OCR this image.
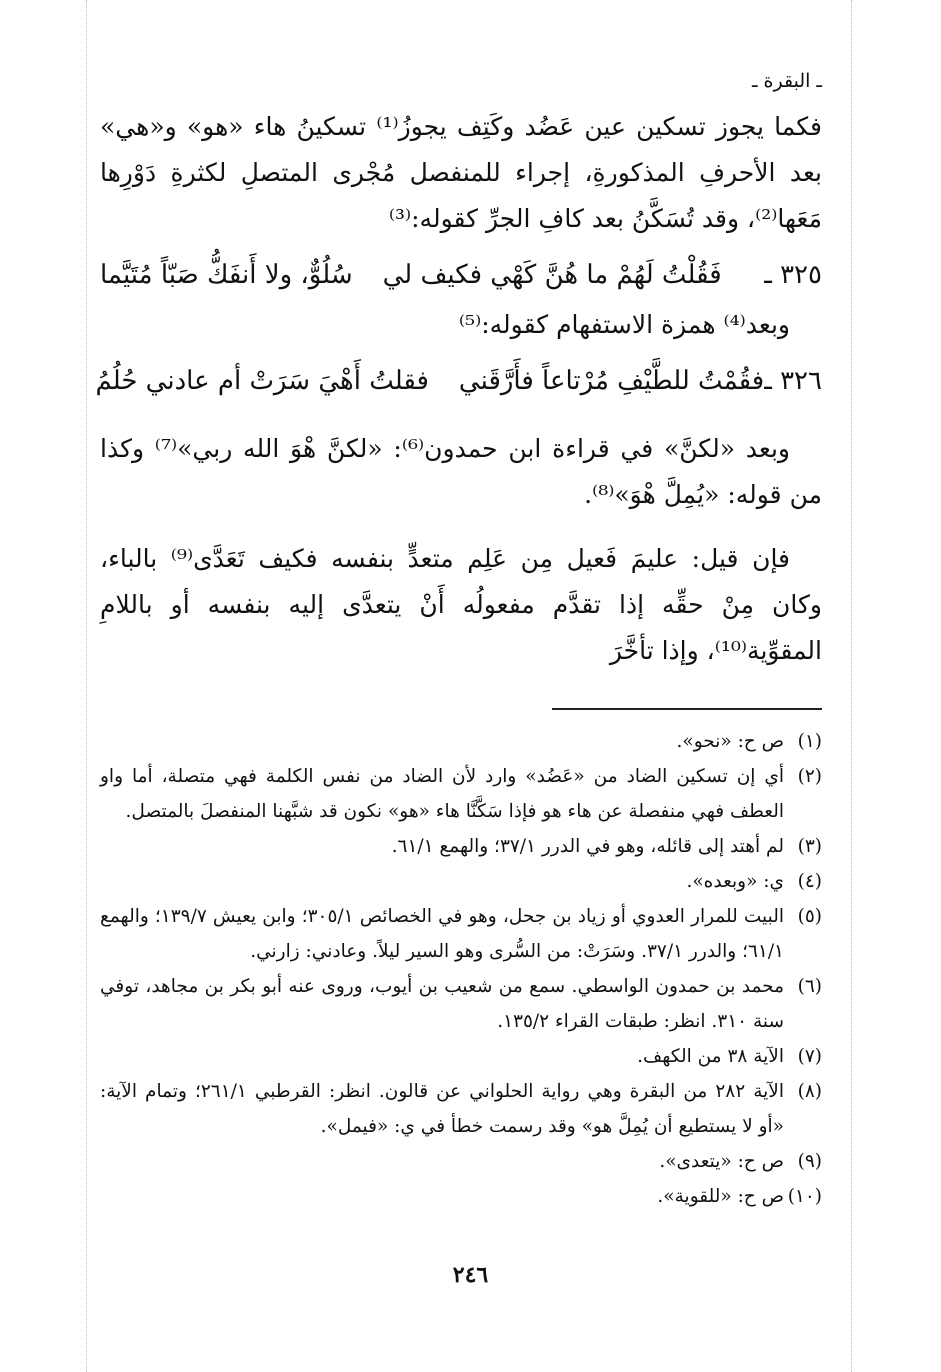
ـ البقرة ـ

فكما يجوز تسكين عين عَضُد وكَتِف يجوزُ⁽¹⁾ تسكينُ هاء «هو» و«هي» بعد الأحرفِ المذكورةِ، إجراء للمنفصل مُجْرى المتصلِ لكثرةِ دَوْرِها مَعَها⁽²⁾، وقد تُسَكَّنُ بعد كافِ الجرِّ كقوله:⁽³⁾

٣٢٥ ـ
فَقُلْتُ لَهُمْ ما هُنَّ كَهْي فكيف لي
سُلُوٌّ، ولا أَنفَكُّ صَبّاً مُتَيَّما

وبعد⁽⁴⁾ همزة الاستفهام كقوله:⁽⁵⁾

٣٢٦ ـ
فقُمْتُ للطَّيْفِ مُرْتاعاً فأَرَّقَني
فقلتُ أَهْيَ سَرَتْ أم عادني حُلُمُ

وبعد «لكنَّ» في قراءة ابن حمدون⁽⁶⁾: «لكنَّ هْوَ الله ربي»⁽⁷⁾ وكذا من قوله: «يُمِلَّ هْوَ»⁽⁸⁾.

فإن قيل: عليمَ فَعيل مِن عَلِم متعدٍّ بنفسه فكيف تَعَدَّى⁽⁹⁾ بالباء، وكان مِنْ حقِّه إذا تقدَّم مفعولُه أَنْ يتعدَّى إليه بنفسه أو باللامِ المقوِّية⁽¹⁰⁾، وإذا تأخَّرَ

(١)
ص ح: «نحو».
(٢)
أي إن تسكين الضاد من «عَضُد» وارد لأن الضاد من نفس الكلمة فهي متصلة، أما واو العطف فهي منفصلة عن هاء هو فإذا سَكَّنَّا هاء «هو» نكون قد شبَّهنا المنفصلَ بالمتصل.
(٣)
لم أهتد إلى قائله، وهو في الدرر ٣٧/١؛ والهمع ٦١/١.
(٤)
ي: «وبعده».
(٥)
البيت للمرار العدوي أو زياد بن جحل، وهو في الخصائص ٣٠٥/١؛ وابن يعيش ١٣٩/٧؛ والهمع ٦١/١؛ والدرر ٣٧/١. وسَرَتْ: من السُّرى وهو السير ليلاً. وعادني: زارني.
(٦)
محمد بن حمدون الواسطي. سمع من شعيب بن أيوب، وروى عنه أبو بكر بن مجاهد، توفي سنة ٣١٠. انظر: طبقات القراء ١٣٥/٢.
(٧)
الآية ٣٨ من الكهف.
(٨)
الآية ٢٨٢ من البقرة وهي رواية الحلواني عن قالون. انظر: القرطبي ٢٦١/١؛ وتمام الآية: «أو لا يستطيع أن يُمِلَّ هو» وقد رسمت خطأ في ي: «فيمل».
(٩)
ص ح: «يتعدى».
(١٠)
ص ح: «للقوية».
٢٤٦
